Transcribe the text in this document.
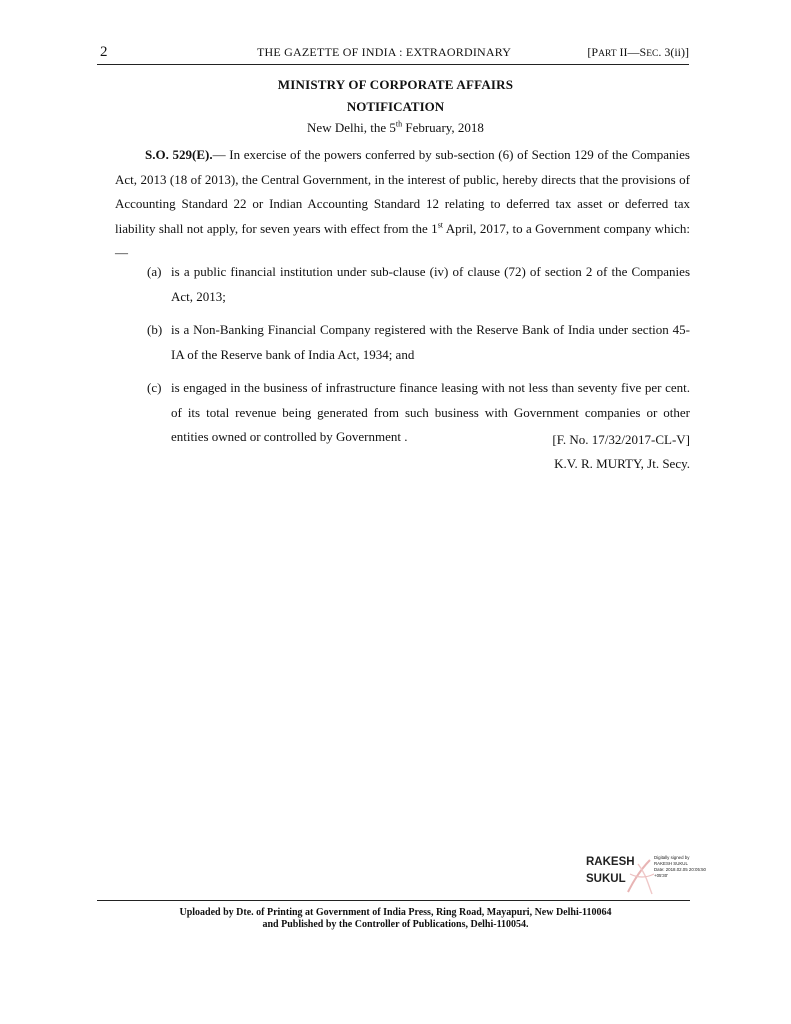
2	THE GAZETTE OF INDIA : EXTRAORDINARY	[PART II—SEC. 3(ii)]
MINISTRY OF CORPORATE AFFAIRS
NOTIFICATION
New Delhi, the 5th February, 2018
S.O. 529(E).— In exercise of the powers conferred by sub-section (6) of Section 129 of the Companies Act, 2013 (18 of 2013), the Central Government, in the interest of public, hereby directs that the provisions of Accounting Standard 22 or Indian Accounting Standard 12 relating to deferred tax asset or deferred tax liability shall not apply, for seven years with effect from the 1st April, 2017, to a Government company which:—
(a) is a public financial institution under sub-clause (iv) of clause (72) of section 2 of the Companies Act, 2013;
(b) is a Non-Banking Financial Company registered with the Reserve Bank of India under section 45-IA of the Reserve bank of India Act, 1934; and
(c) is engaged in the business of infrastructure finance leasing with not less than seventy five per cent. of its total revenue being generated from such business with Government companies or other entities owned or controlled by Government .	[F. No. 17/32/2017-CL-V]
K.V. R. MURTY, Jt. Secy.
RAKESH
SUKUL
Digitally signed by
RAKESH SUKUL
Date: 2018.02.05 20:05:50
+05'30'
Uploaded by Dte. of Printing at Government of India Press, Ring Road, Mayapuri, New Delhi-110064
and Published by the Controller of Publications, Delhi-110054.
